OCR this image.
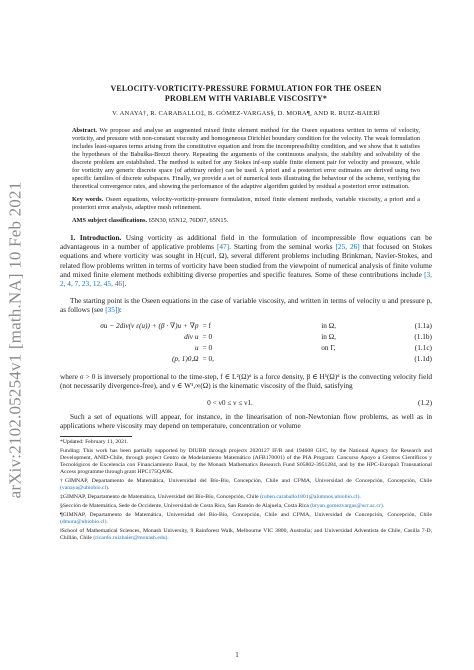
arXiv:2102.05254v1 [math.NA] 10 Feb 2021
VELOCITY-VORTICITY-PRESSURE FORMULATION FOR THE OSEEN
PROBLEM WITH VARIABLE VISCOSITY*
V. ANAYA†, R. CARABALLO‡, B. GÓMEZ-VARGAS§, D. MORA¶, AND R. RUIZ-BAIER‖
Abstract. We propose and analyse an augmented mixed finite element method for the Oseen equations written in terms of velocity, vorticity, and pressure with non-constant viscosity and homogeneous Dirichlet boundary condition for the velocity. The weak formulation includes least-squares terms arising from the constitutive equation and from the incompressibility condition, and we show that it satisfies the hypotheses of the Babuška-Brezzi theory. Repeating the arguments of the continuous analysis, the stability and solvability of the discrete problem are established. The method is suited for any Stokes inf-sup stable finite element pair for velocity and pressure, while for vorticity any generic discrete space (of arbitrary order) can be used. A priori and a posteriori error estimates are derived using two specific families of discrete subspaces. Finally, we provide a set of numerical tests illustrating the behaviour of the scheme, verifying the theoretical convergence rates, and showing the performance of the adaptive algorithm guided by residual a posteriori error estimation.
Key words. Oseen equations, velocity-vorticity-pressure formulation, mixed finite element methods, variable viscosity, a priori and a posteriori error analysis, adaptive mesh refinement.
AMS subject classifications. 65N30, 65N12, 76D07, 65N15.
1. Introduction. Using vorticity as additional field in the formulation of incompressible flow equations can be advantageous in a number of applicative problems [47]. Starting from the seminal works [25, 26] that focused on Stokes equations and where vorticity was sought in H(curl, Ω), several different problems including Brinkman, Navier-Stokes, and related flow problems written in terms of vorticity have been studied from the viewpoint of numerical analysis of finite volume and mixed finite element methods exhibiting diverse properties and specific features. Some of these contributions include [3, 2, 4, 7, 23, 12, 45, 46].
The starting point is the Oseen equations in the case of variable viscosity, and written in terms of velocity u and pressure p, as follows (see [35]):
σu − 2div(ν ε(u)) + (β · ∇)u + ∇p = f	in Ω,	(1.1a)
div u = 0	in Ω,	(1.1b)
u = 0	on Γ,	(1.1c)
(p, 1)0,Ω = 0,	(1.1d)
where σ > 0 is inversely proportional to the time-step, f ∈ L²(Ω)ᵈ is a force density, β ∈ H¹(Ω)ᵈ is the convecting velocity field (not necessarily divergence-free), and ν ∈ W¹,∞(Ω) is the kinematic viscosity of the fluid, satisfying
0 < ν0 ≤ ν ≤ ν1.	(1.2)
Such a set of equations will appear, for instance, in the linearisation of non-Newtonian flow problems, as well as in applications where viscosity may depend on temperature, concentration or volume
*Updated: February 11, 2021.
Funding: This work has been partially supported by DIUBB through projects 2020127 IF/R and 194608 GI/C, by the National Agency for Research and Development, ANID-Chile, through project Centro de Modelamiento Matemático (AFB170001) of the PIA Program: Concurso Apoyo a Centros Científicos y Tecnológicos de Excelencia con Financiamiento Basal, by the Monash Mathematics Research Fund S05802-3951284, and by the HPC-Europa3 Transnational Access programme through grant HPC175QA9K.
†GIMNAP, Departamento de Matemática, Universidad del Bío-Bío, Concepción, Chile and CI²MA, Universidad de Concepción, Concepción, Chile (vanaya@ubiobio.cl).
‡GIMNAP, Departamento de Matemática, Universidad del Bío-Bío, Concepción, Chile (ruben.caraballo1801@alumnos.ubiobio.cl).
§Sección de Matemática, Sede de Occidente, Universidad de Costa Rica, San Ramón de Alajuela, Costa Rica (bryan.gomezvargas@ucr.ac.cr).
¶GIMNAP, Departamento de Matemática, Universidad del Bío-Bío, Concepción, Chile and CI²MA, Universidad de Concepción, Concepción, Chile (dmora@ubiobio.cl).
‖School of Mathematical Sciences, Monash University, 9 Rainforest Walk, Melbourne VIC 3800, Australia; and Universidad Adventista de Chile, Casilla 7-D, Chillán, Chile (ricardo.ruizbaier@monash.edu).
1
